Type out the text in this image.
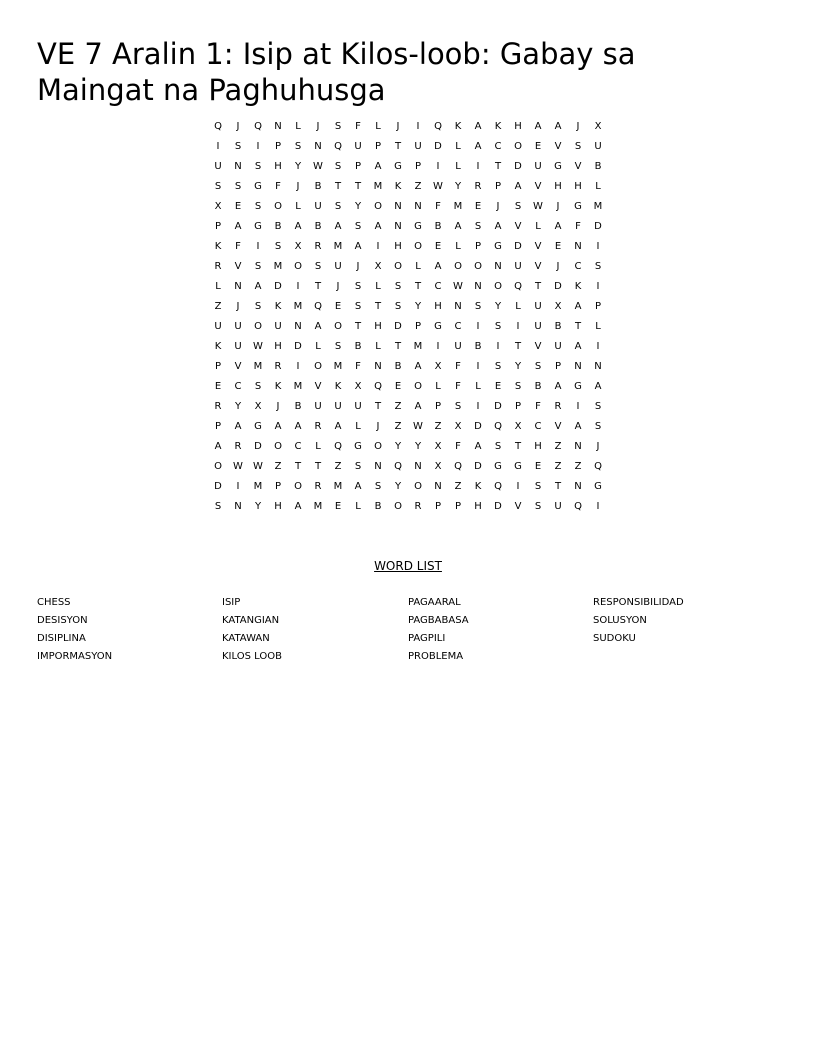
VE 7 Aralin 1: Isip at Kilos-loob: Gabay sa Maingat na Paghuhusga
Q	J	Q	N	L	J	S	F	L	J	I	Q	K	A	K	H	A	A	J	X
I	S	I	P	S	N	Q	U	P	T	U	D	L	A	C	O	E	V	S	U
U	N	S	H	Y	W	S	P	A	G	P	I	L	I	T	D	U	G	V	B
S	S	G	F	J	B	T	T	M	K	Z	W	Y	R	P	A	V	H	H	L
X	E	S	O	L	U	S	Y	O	N	N	F	M	E	J	S	W	J	G	M
P	A	G	B	A	B	A	S	A	N	G	B	A	S	A	V	L	A	F	D
K	F	I	S	X	R	M	A	I	H	O	E	L	P	G	D	V	E	N	I
R	V	S	M	O	S	U	J	X	O	L	A	O	O	N	U	V	J	C	S
L	N	A	D	I	T	J	S	L	S	T	C	W	N	O	Q	T	D	K	I
Z	J	S	K	M	Q	E	S	T	S	Y	H	N	S	Y	L	U	X	A	P
U	U	O	U	N	A	O	T	H	D	P	G	C	I	S	I	U	B	T	L
K	U	W	H	D	L	S	B	L	T	M	I	U	B	I	T	V	U	A	I
P	V	M	R	I	O	M	F	N	B	A	X	F	I	S	Y	S	P	N	N
E	C	S	K	M	V	K	X	Q	E	O	L	F	L	E	S	B	A	G	A
R	Y	X	J	B	U	U	U	T	Z	A	P	S	I	D	P	F	R	I	S
P	A	G	A	A	R	A	L	J	Z	W	Z	X	D	Q	X	C	V	A	S
A	R	D	O	C	L	Q	G	O	Y	Y	X	F	A	S	T	H	Z	N	J
O	W	W	Z	T	T	Z	S	N	Q	N	X	Q	D	G	G	E	Z	Z	Q
D	I	M	P	O	R	M	A	S	Y	O	N	Z	K	Q	I	S	T	N	G
S	N	Y	H	A	M	E	L	B	O	R	P	P	H	D	V	S	U	Q	I
WORD LIST
CHESS
DESISYON
DISIPLINA
IMPORMASYON
ISIP
KATANGIAN
KATAWAN
KILOS LOOB
PAGAARAL
PAGBABASA
PAGPILI
PROBLEMA
RESPONSIBILIDAD
SOLUSYON
SUDOKU
